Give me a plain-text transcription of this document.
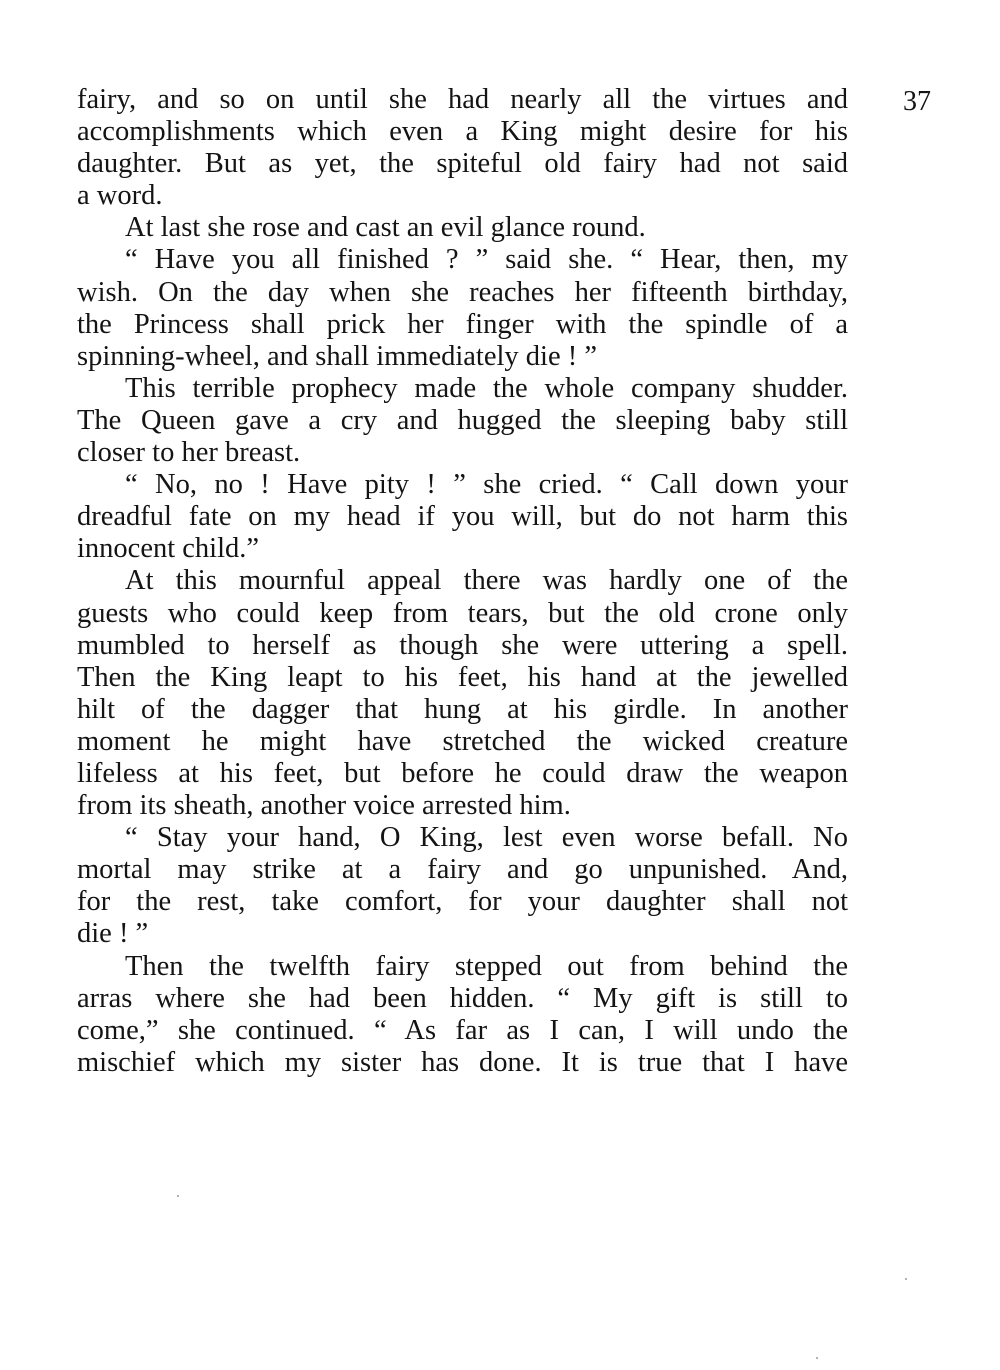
37
fairy, and so on until she had nearly all the virtues and
accomplishments which even a King might desire for his
daughter. But as yet, the spiteful old fairy had not said
a word.
At last she rose and cast an evil glance round.
“ Have you all finished ? ” said she. “ Hear, then, my
wish. On the day when she reaches her fifteenth birthday,
the Princess shall prick her finger with the spindle of a
spinning-wheel, and shall immediately die ! ”
This terrible prophecy made the whole company shudder.
The Queen gave a cry and hugged the sleeping baby still
closer to her breast.
“ No, no ! Have pity ! ” she cried. “ Call down your
dreadful fate on my head if you will, but do not harm this
innocent child.”
At this mournful appeal there was hardly one of the
guests who could keep from tears, but the old crone only
mumbled to herself as though she were uttering a spell.
Then the King leapt to his feet, his hand at the jewelled
hilt of the dagger that hung at his girdle. In another
moment he might have stretched the wicked creature
lifeless at his feet, but before he could draw the weapon
from its sheath, another voice arrested him.
“ Stay your hand, O King, lest even worse befall. No
mortal may strike at a fairy and go unpunished. And,
for the rest, take comfort, for your daughter shall not
die ! ”
Then the twelfth fairy stepped out from behind the
arras where she had been hidden. “ My gift is still to
come,” she continued. “ As far as I can, I will undo the
mischief which my sister has done. It is true that I have
